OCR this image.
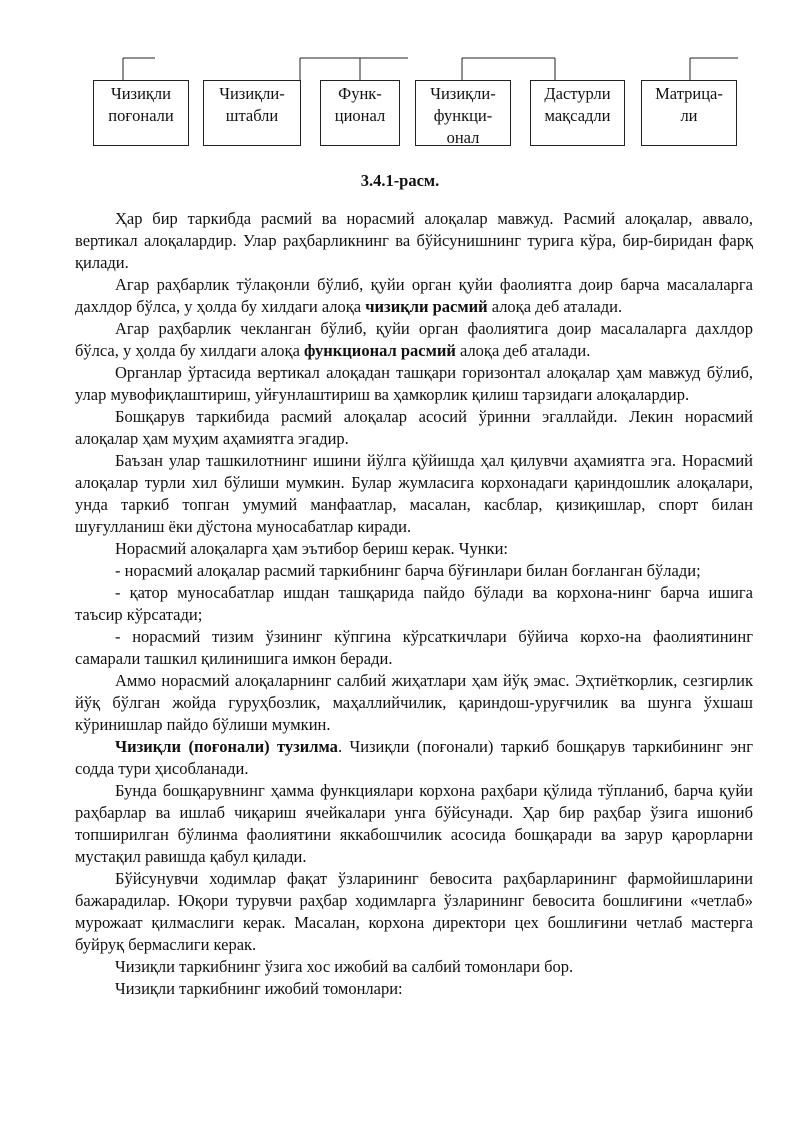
Чизиқли
поғонали
Чизиқли-
штабли
Функ-
ционал
Чизиқли-
функци-
онал
Дастурли
мақсадли
Матрица-
ли
3.4.1-расм.

Ҳар бир таркибда расмий ва норасмий алоқалар мавжуд. Расмий алоқалар, аввало, вертикал алоқалардир. Улар раҳбарликнинг ва бўйсунишнинг турига кўра, бир-биридан фарқ қилади.

Агар раҳбарлик тўлақонли бўлиб, қуйи орган қуйи фаолиятга доир барча масалаларга дахлдор бўлса, у ҳолда бу хилдаги алоқа чизиқли расмий алоқа деб аталади.

Агар раҳбарлик чекланган бўлиб, қуйи орган фаолиятига доир масалаларга дахлдор бўлса, у ҳолда бу хилдаги алоқа функционал расмий алоқа деб аталади.

Органлар ўртасида вертикал алоқадан ташқари горизонтал алоқалар ҳам мавжуд бўлиб, улар мувофиқлаштириш, уйғунлаштириш ва ҳамкорлик қилиш тарзидаги алоқалардир.

Бошқарув таркибида расмий алоқалар асосий ўринни эгаллайди. Лекин норасмий алоқалар ҳам муҳим аҳамиятга эгадир.

Баъзан улар ташкилотнинг ишини йўлга қўйишда ҳал қилувчи аҳамиятга эга. Норасмий алоқалар турли хил бўлиши мумкин. Булар жумласига корхонадаги қариндошлик алоқалари, унда таркиб топган умумий манфаатлар, масалан, касблар, қизиқишлар, спорт билан шуғулланиш ёки дўстона муносабатлар киради.

Норасмий алоқаларга ҳам эътибор бериш керак. Чунки:

- норасмий алоқалар расмий таркибнинг барча бўғинлари билан боғланган бўлади;

- қатор муносабатлар ишдан ташқарида пайдо бўлади ва корхона-нинг барча ишига таъсир кўрсатади;

- норасмий тизим ўзининг кўпгина кўрсаткичлари бўйича корхо-на фаолиятининг самарали ташкил қилинишига имкон беради.

Аммо норасмий алоқаларнинг салбий жиҳатлари ҳам йўқ эмас. Эҳтиёткорлик, сезгирлик йўқ бўлган жойда гуруҳбозлик, маҳаллийчилик, қариндош-уруғчилик ва шунга ўхшаш кўринишлар пайдо бўлиши мумкин.

Чизиқли (поғонали) тузилма. Чизиқли (поғонали) таркиб бошқарув таркибининг энг содда тури ҳисобланади.

Бунда бошқарувнинг ҳамма функциялари корхона раҳбари қўлида тўпланиб, барча қуйи раҳбарлар ва ишлаб чиқариш ячейкалари унга бўйсунади. Ҳар бир раҳбар ўзига ишониб топширилган бўлинма фаолиятини яккабошчилик асосида бошқаради ва зарур қарорларни мустақил равишда қабул қилади.

Бўйсунувчи ходимлар фақат ўзларининг бевосита раҳбарларининг фармойишларини бажарадилар. Юқори турувчи раҳбар ходимларга ўзларининг бевосита бошлиғини «четлаб» мурожаат қилмаслиги керак. Масалан, корхона директори цех бошлиғини четлаб мастерга буйруқ бермаслиги керак.

Чизиқли таркибнинг ўзига хос ижобий ва салбий томонлари бор.

Чизиқли таркибнинг ижобий томонлари:
